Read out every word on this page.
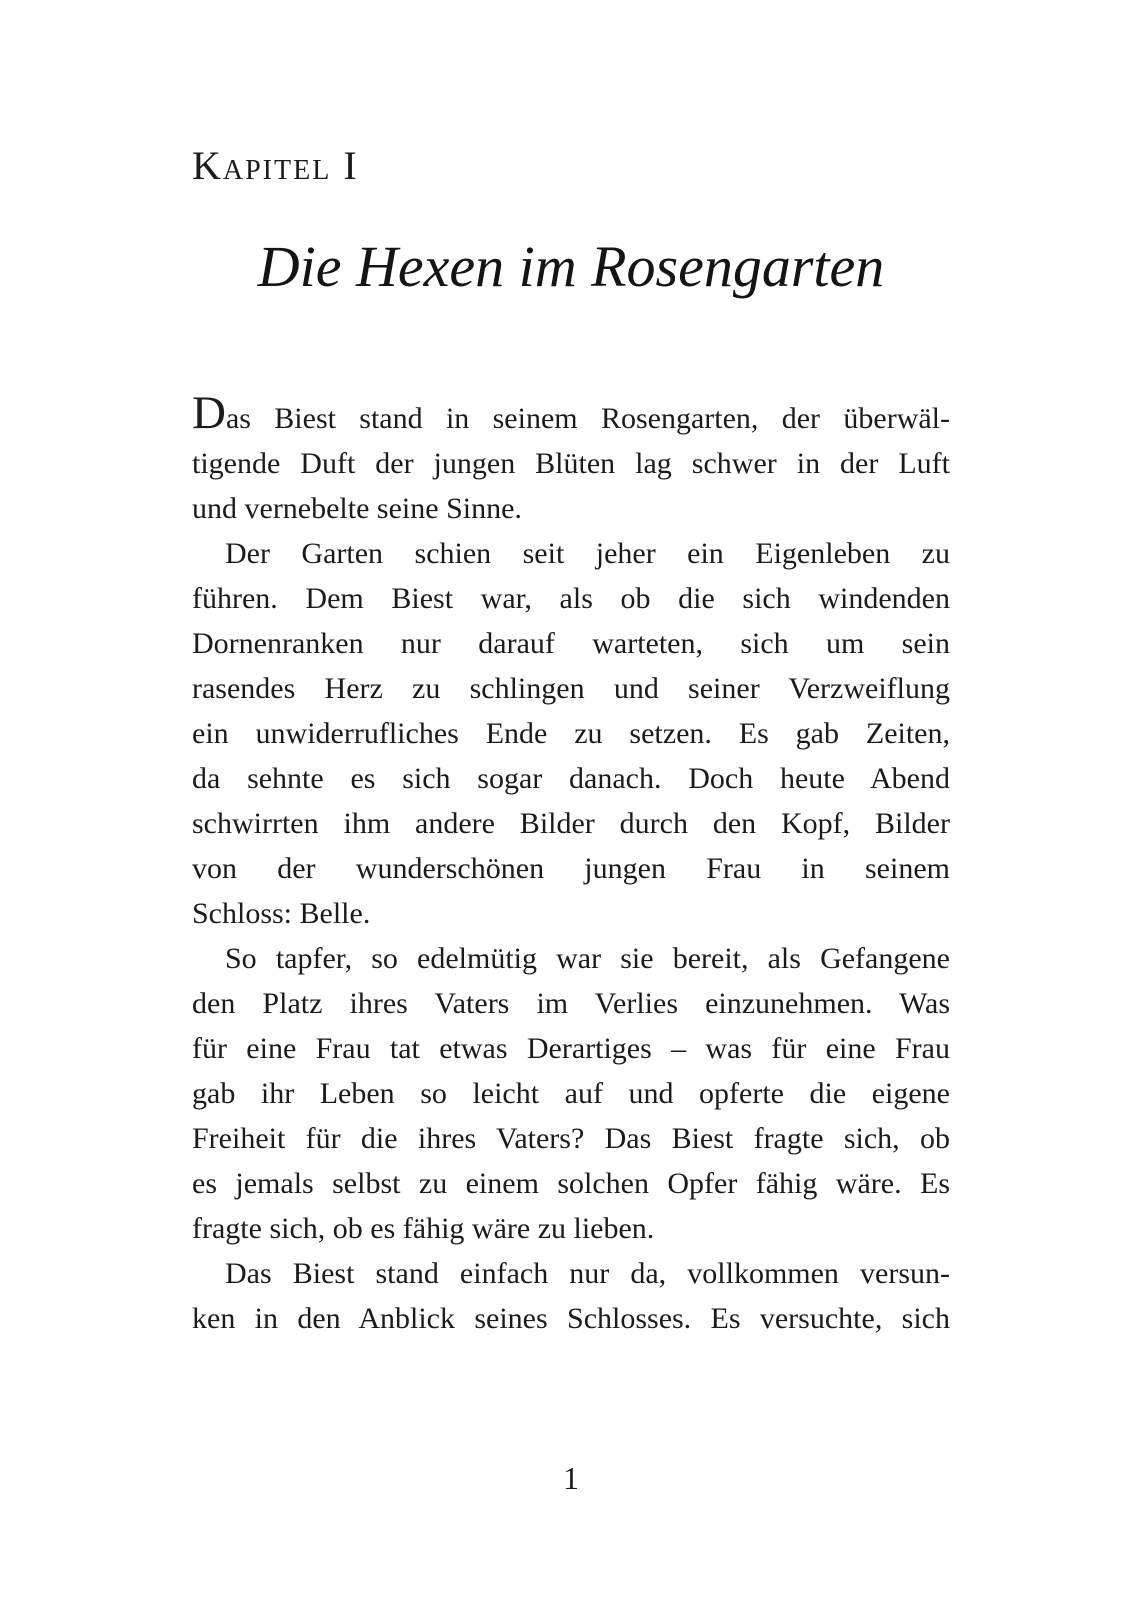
Kapitel I
Die Hexen im Rosengarten
Das Biest stand in seinem Rosengarten, der überwäl-
tigende Duft der jungen Blüten lag schwer in der Luft
und vernebelte seine Sinne.
Der Garten schien seit jeher ein Eigenleben zu
führen. Dem Biest war, als ob die sich windenden
Dornenranken nur darauf warteten, sich um sein
rasendes Herz zu schlingen und seiner Verzweiflung
ein unwiderrufliches Ende zu setzen. Es gab Zeiten,
da sehnte es sich sogar danach. Doch heute Abend
schwirrten ihm andere Bilder durch den Kopf, Bilder
von der wunderschönen jungen Frau in seinem
Schloss: Belle.
So tapfer, so edelmütig war sie bereit, als Gefangene
den Platz ihres Vaters im Verlies einzunehmen. Was
für eine Frau tat etwas Derartiges – was für eine Frau
gab ihr Leben so leicht auf und opferte die eigene
Freiheit für die ihres Vaters? Das Biest fragte sich, ob
es jemals selbst zu einem solchen Opfer fähig wäre. Es
fragte sich, ob es fähig wäre zu lieben.
Das Biest stand einfach nur da, vollkommen versun-
ken in den Anblick seines Schlosses. Es versuchte, sich
1
